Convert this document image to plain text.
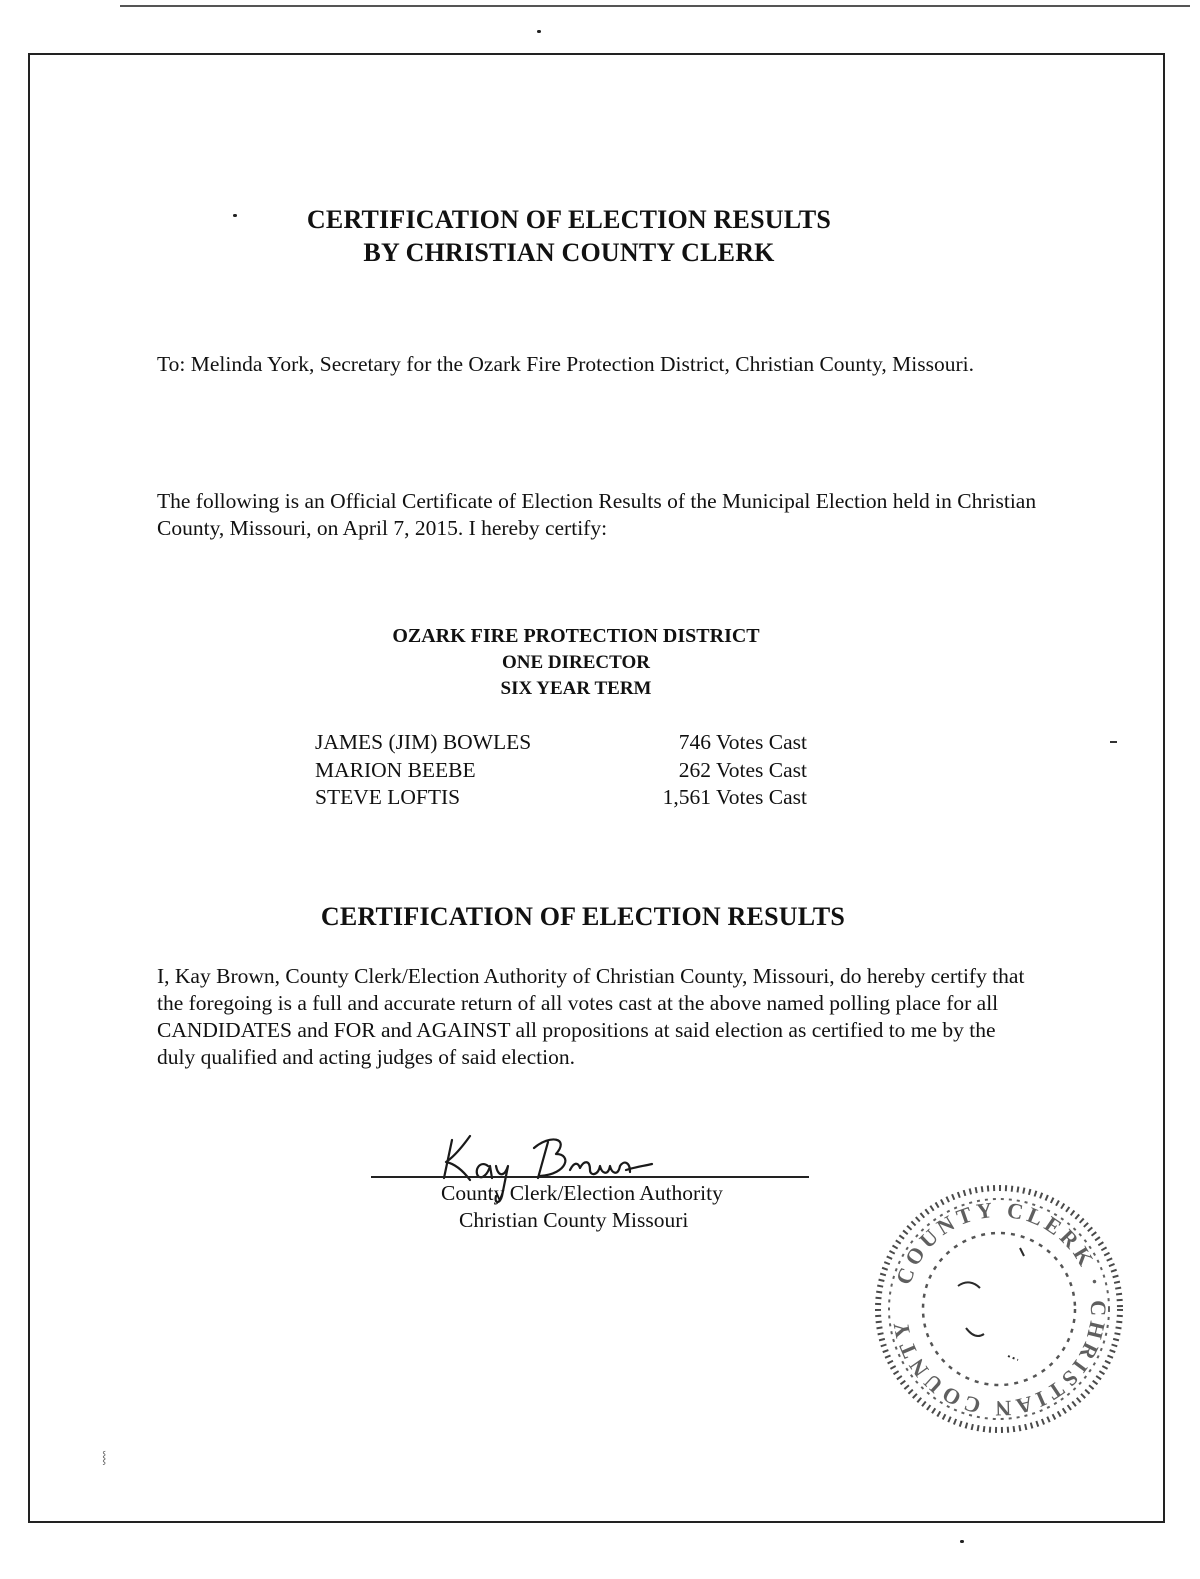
⸾
CERTIFICATION OF ELECTION RESULTS
BY CHRISTIAN COUNTY CLERK

To: Melinda York, Secretary for the Ozark Fire Protection District, Christian County, Missouri.

The following is an Official Certificate of Election Results of the Municipal Election held in Christian County, Missouri, on April 7, 2015. I hereby certify:

OZARK FIRE PROTECTION DISTRICT
ONE DIRECTOR
SIX YEAR TERM
JAMES (JIM) BOWLES	746 Votes Cast
MARION BEEBE	262 Votes Cast
STEVE LOFTIS	1,561 Votes Cast
CERTIFICATION OF ELECTION RESULTS

I, Kay Brown, County Clerk/Election Authority of Christian County, Missouri, do hereby certify that the foregoing is a full and accurate return of all votes cast at the above named polling place for all CANDIDATES and FOR and AGAINST all propositions at said election as certified to me by the duly qualified and acting judges of said election.

County Clerk/Election Authority
Christian County Missouri
COUNTY CLERK · CHRISTIAN COUNTY
